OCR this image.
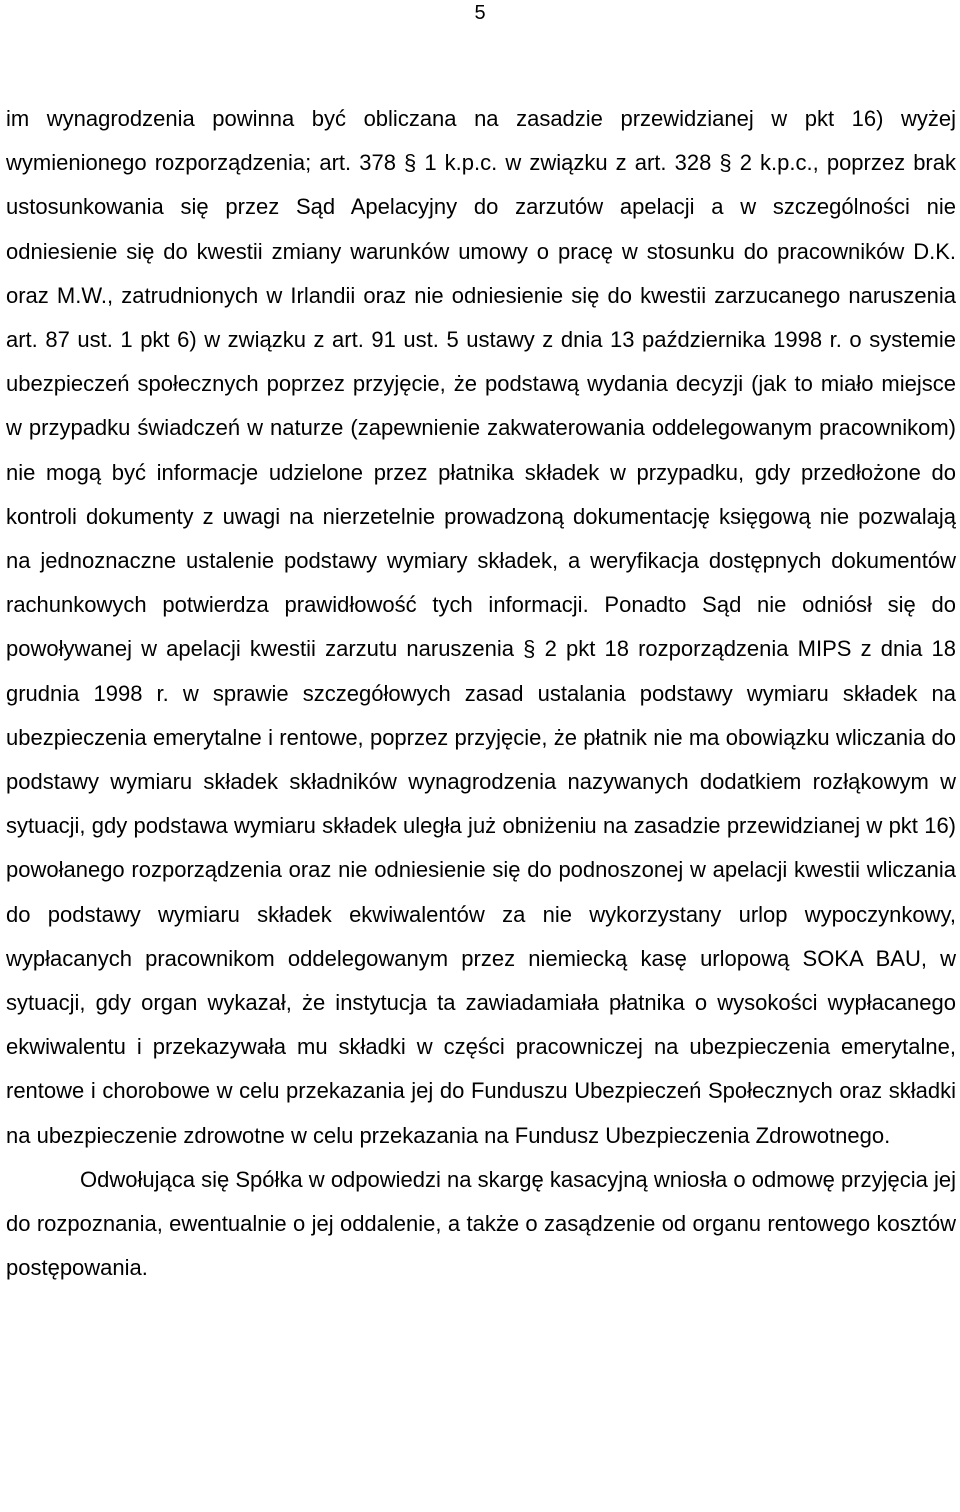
5

im wynagrodzenia powinna być obliczana na zasadzie przewidzianej w pkt 16) wyżej wymienionego rozporządzenia; art. 378 § 1 k.p.c. w związku z art. 328 § 2 k.p.c., poprzez brak ustosunkowania się przez Sąd Apelacyjny do zarzutów apelacji a w szczególności nie odniesienie się do kwestii zmiany warunków umowy o pracę w stosunku do pracowników D.K. oraz M.W., zatrudnionych w Irlandii oraz nie odniesienie się do kwestii zarzucanego naruszenia art. 87 ust. 1 pkt 6) w związku z art. 91 ust. 5 ustawy z dnia 13 października 1998 r. o systemie ubezpieczeń społecznych poprzez przyjęcie, że podstawą wydania decyzji (jak to miało miejsce w przypadku świadczeń w naturze (zapewnienie zakwaterowania oddelegowanym pracownikom) nie mogą być informacje udzielone przez płatnika składek w przypadku, gdy przedłożone do kontroli dokumenty z uwagi na nierzetelnie prowadzoną dokumentację księgową nie pozwalają na jednoznaczne ustalenie podstawy wymiary składek, a weryfikacja dostępnych dokumentów rachunkowych potwierdza prawidłowość tych informacji. Ponadto Sąd nie odniósł się do powoływanej w apelacji kwestii zarzutu naruszenia § 2 pkt 18 rozporządzenia MIPS z dnia 18 grudnia 1998 r. w sprawie szczegółowych zasad ustalania podstawy wymiaru składek na ubezpieczenia emerytalne i rentowe, poprzez przyjęcie, że płatnik nie ma obowiązku wliczania do podstawy wymiaru składek składników wynagrodzenia nazywanych dodatkiem rozłąkowym w sytuacji, gdy podstawa wymiaru składek uległa już obniżeniu na zasadzie przewidzianej w pkt 16) powołanego rozporządzenia oraz nie odniesienie się do podnoszonej w apelacji kwestii wliczania do podstawy wymiaru składek ekwiwalentów za nie wykorzystany urlop wypoczynkowy, wypłacanych pracownikom oddelegowanym przez niemiecką kasę urlopową SOKA BAU, w sytuacji, gdy organ wykazał, że instytucja ta zawiadamiała płatnika o wysokości wypłacanego ekwiwalentu i przekazywała mu składki w części pracowniczej na ubezpieczenia emerytalne, rentowe i chorobowe w celu przekazania jej do Funduszu Ubezpieczeń Społecznych oraz składki na ubezpieczenie zdrowotne w celu przekazania na Fundusz Ubezpieczenia Zdrowotnego.

Odwołująca się Spółka w odpowiedzi na skargę kasacyjną wniosła o odmowę przyjęcia jej do rozpoznania, ewentualnie o jej oddalenie, a także o zasądzenie od organu rentowego kosztów postępowania.
